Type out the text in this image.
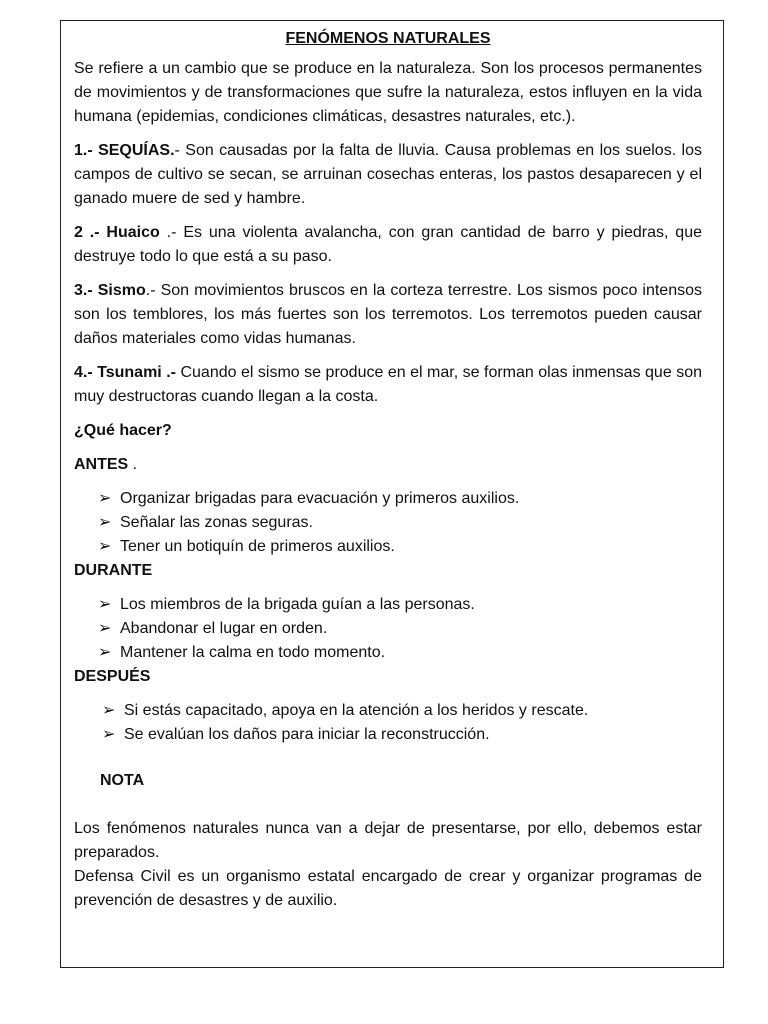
FENÓMENOS NATURALES

Se refiere a un cambio que se produce en la naturaleza. Son los procesos permanentes de movimientos y de transformaciones que sufre la naturaleza, estos influyen en la vida humana (epidemias, condiciones climáticas, desastres naturales, etc.).

1.- SEQUÍAS.- Son causadas por la falta de lluvia. Causa problemas en los suelos. los campos de cultivo se secan, se arruinan cosechas enteras, los pastos desaparecen y el ganado muere de sed y hambre.

2 .- Huaico .- Es una violenta avalancha, con gran cantidad de barro y piedras, que destruye todo lo que está a su paso.

3.- Sismo.- Son movimientos bruscos en la corteza terrestre. Los sismos poco intensos son los temblores, los más fuertes son los terremotos. Los terremotos pueden causar daños materiales como vidas humanas.

4.- Tsunami .- Cuando el sismo se produce en el mar, se forman olas inmensas que son muy destructoras cuando llegan a la costa.

¿Qué hacer?
ANTES .
➢ Organizar brigadas para evacuación y primeros auxilios.
➢ Señalar las zonas seguras.
➢ Tener un botiquín de primeros auxilios.
DURANTE
➢ Los miembros de la brigada guían a las personas.
➢ Abandonar el lugar en orden.
➢ Mantener la calma en todo momento.
DESPUÉS
➢ Si estás capacitado, apoya en la atención a los heridos y rescate.
➢ Se evalúan los daños para iniciar la reconstrucción.
NOTA

Los fenómenos naturales nunca van a dejar de presentarse, por ello, debemos estar preparados.

Defensa Civil es un organismo estatal encargado de crear y organizar programas de prevención de desastres y de auxilio.
